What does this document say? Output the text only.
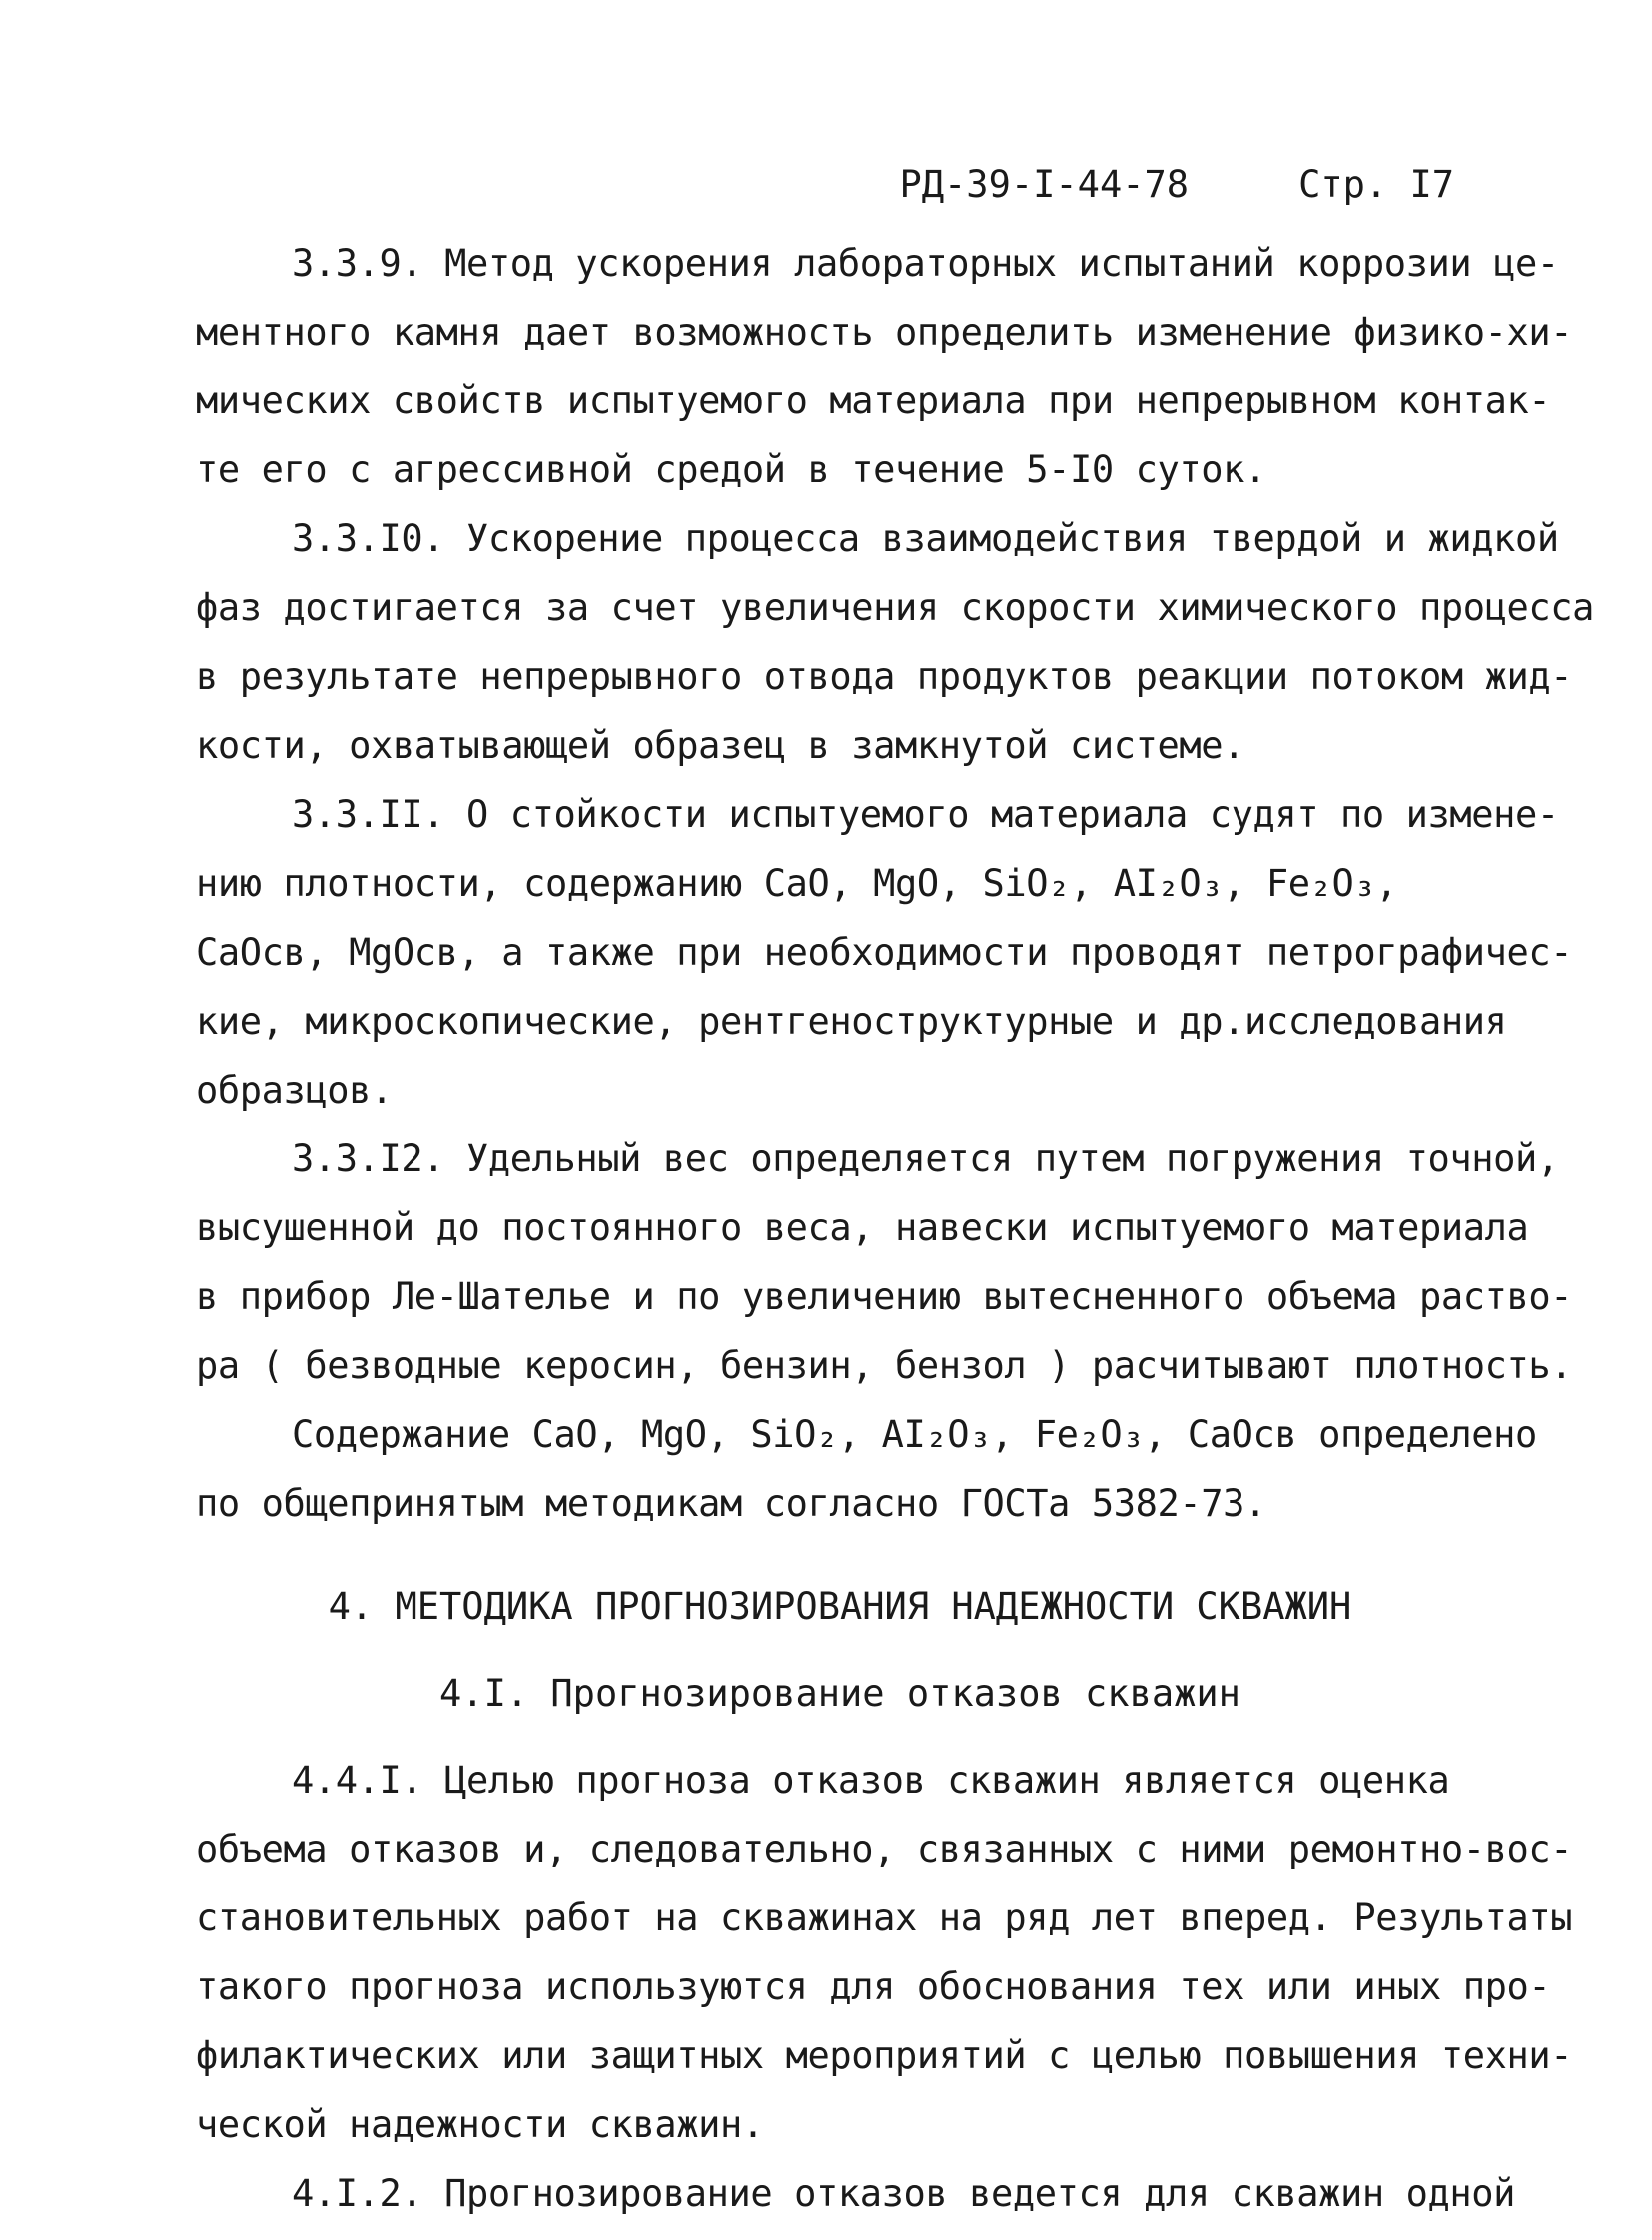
РД-39-I-44-78	Стр. I7
3.3.9. Метод ускорения лабораторных испытаний коррозии це-
ментного камня дает возможность определить изменение физико-хи-
мических свойств испытуемого материала при непрерывном контак-
те его с агрессивной средой в течение 5-I0 суток.
3.3.I0. Ускорение процесса взаимодействия твердой и жидкой
фаз достигается за счет увеличения скорости химического процесса
в результате непрерывного отвода продуктов реакции потоком жид-
кости, охватывающей образец в замкнутой системе.
3.3.II. О стойкости испытуемого материала судят по измене-
нию плотности, содержанию СаО, MgO, SiO₂, AI₂O₃, Fe₂O₃,
СаОсв, MgOсв, а также при необходимости проводят петрографичес-
кие, микроскопические, рентгеноструктурные и др.исследования
образцов.
3.3.I2. Удельный вес определяется путем погружения точной,
высушенной до постоянного веса, навески испытуемого материала
в прибор Ле-Шателье и по увеличению вытесненного объема раство-
ра ( безводные керосин, бензин, бензол ) расчитывают плотность.
Содержание СаО, MgO, SiO₂, AI₂O₃, Fe₂O₃, СаОсв определено
по общепринятым методикам согласно ГОСТа 5382-73.
4. МЕТОДИКА ПРОГНОЗИРОВАНИЯ НАДЕЖНОСТИ СКВАЖИН
4.I. Прогнозирование отказов скважин
4.4.I. Целью прогноза отказов скважин является оценка
объема отказов и, следовательно, связанных с ними ремонтно-вос-
становительных работ на скважинах на ряд лет вперед. Результаты
такого прогноза используются для обоснования тех или иных про-
филактических или защитных мероприятий с целью повышения техни-
ческой надежности скважин.
4.I.2. Прогнозирование отказов ведется для скважин одной
